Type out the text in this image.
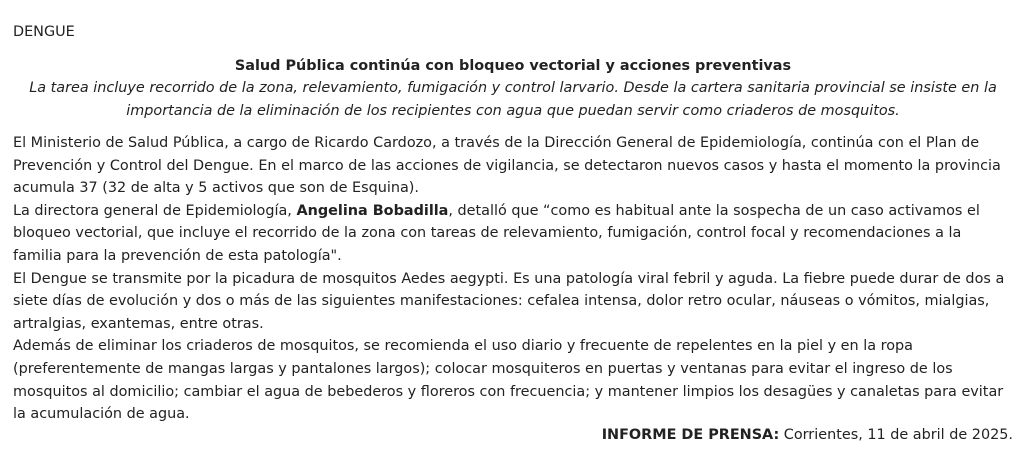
DENGUE
Salud Pública continúa con bloqueo vectorial y acciones preventivas

La tarea incluye recorrido de la zona, relevamiento, fumigación y control larvario. Desde la cartera sanitaria provincial se insiste en la importancia de la eliminación de los recipientes con agua que puedan servir como criaderos de mosquitos.

El Ministerio de Salud Pública, a cargo de Ricardo Cardozo, a través de la Dirección General de Epidemiología, continúa con el Plan de Prevención y Control del Dengue. En el marco de las acciones de vigilancia, se detectaron nuevos casos y hasta el momento la provincia acumula 37 (32 de alta y 5 activos que son de Esquina).

La directora general de Epidemiología, Angelina Bobadilla, detalló que “como es habitual ante la sospecha de un caso activamos el bloqueo vectorial, que incluye el recorrido de la zona con tareas de relevamiento, fumigación, control focal y recomendaciones a la familia para la prevención de esta patología".

El Dengue se transmite por la picadura de mosquitos Aedes aegypti. Es una patología viral febril y aguda. La fiebre puede durar de dos a siete días de evolución y dos o más de las siguientes manifestaciones: cefalea intensa, dolor retro ocular, náuseas o vómitos, mialgias, artralgias, exantemas, entre otras.

Además de eliminar los criaderos de mosquitos, se recomienda el uso diario y frecuente de repelentes en la piel y en la ropa (preferentemente de mangas largas y pantalones largos); colocar mosquiteros en puertas y ventanas para evitar el ingreso de los mosquitos al domicilio; cambiar el agua de bebederos y floreros con frecuencia; y mantener limpios los desagües y canaletas para evitar la acumulación de agua.

INFORME DE PRENSA: Corrientes, 11 de abril de 2025.
